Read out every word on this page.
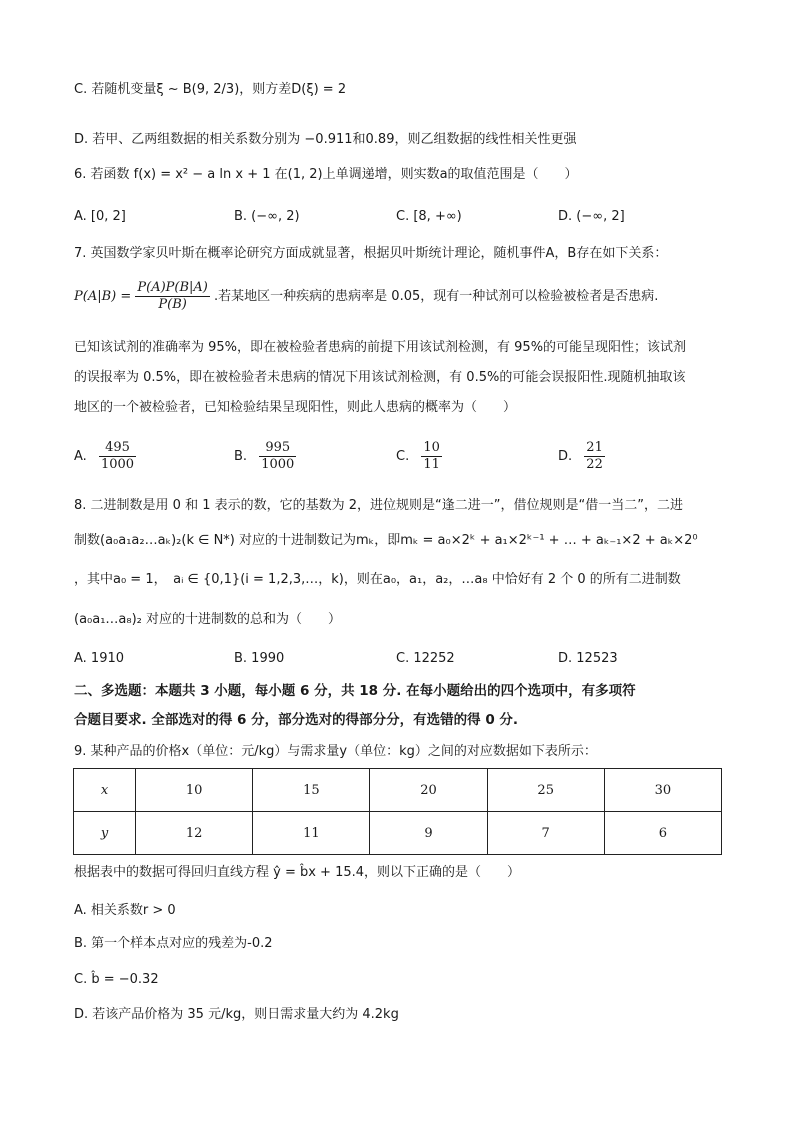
C. 若随机变量ξ ~ B(9, 2/3)，则方差D(ξ) = 2
D. 若甲、乙两组数据的相关系数分别为 −0.911和0.89，则乙组数据的线性相关性更强
6. 若函数 f(x) = x² − a ln x + 1 在(1, 2)上单调递增，则实数a的取值范围是（　　）
A. [0, 2]	B. (−∞, 2)	C. [8, +∞)	D. (−∞, 2]
7. 英国数学家贝叶斯在概率论研究方面成就显著，根据贝叶斯统计理论，随机事件A，B存在如下关系：
$P(A|B) = \frac{P(A)P(B|A)}{P(B)}$ .若某地区一种疾病的患病率是 0.05，现有一种试剂可以检验被检者是否患病.
已知该试剂的准确率为 95%，即在被检验者患病的前提下用该试剂检测，有 95%的可能呈现阳性；该试剂
的误报率为 0.5%，即在被检验者未患病的情况下用该试剂检测，有 0.5%的可能会误报阳性.现随机抽取该
地区的一个被检验者，已知检验结果呈现阳性，则此人患病的概率为（　　）
A. $\frac{495}{1000}$	B. $\frac{995}{1000}$	C. $\frac{10}{11}$	D. $\frac{21}{22}$
8. 二进制数是用 0 和 1 表示的数，它的基数为 2，进位规则是“逢二进一”，借位规则是“借一当二”，二进
制数(a₀a₁a₂…aₖ)₂(k ∈ N*) 对应的十进制数记为mₖ，即mₖ = a₀×2ᵏ + a₁×2ᵏ⁻¹ + … + aₖ₋₁×2 + aₖ×2⁰
，其中a₀ = 1，　aᵢ ∈ {0,1}(i = 1,2,3,…，k)，则在a₀，a₁，a₂，…a₈ 中恰好有 2 个 0 的所有二进制数
(a₀a₁…a₈)₂ 对应的十进制数的总和为（　　）
A. 1910	B. 1990	C. 12252	D. 12523
二、多选题：本题共 3 小题，每小题 6 分，共 18 分. 在每小题给出的四个选项中，有多项符
合题目要求. 全部选对的得 6 分，部分选对的得部分分，有选错的得 0 分.
9. 某种产品的价格x（单位：元/kg）与需求量y（单位：kg）之间的对应数据如下表所示：
x	10	15	20	25	30
y	12	11	9	7	6
根据表中的数据可得回归直线方程 ŷ = b̂x + 15.4，则以下正确的是（　　）
A. 相关系数r > 0
B. 第一个样本点对应的残差为-0.2
C. b̂ = −0.32
D. 若该产品价格为 35 元/kg，则日需求量大约为 4.2kg
